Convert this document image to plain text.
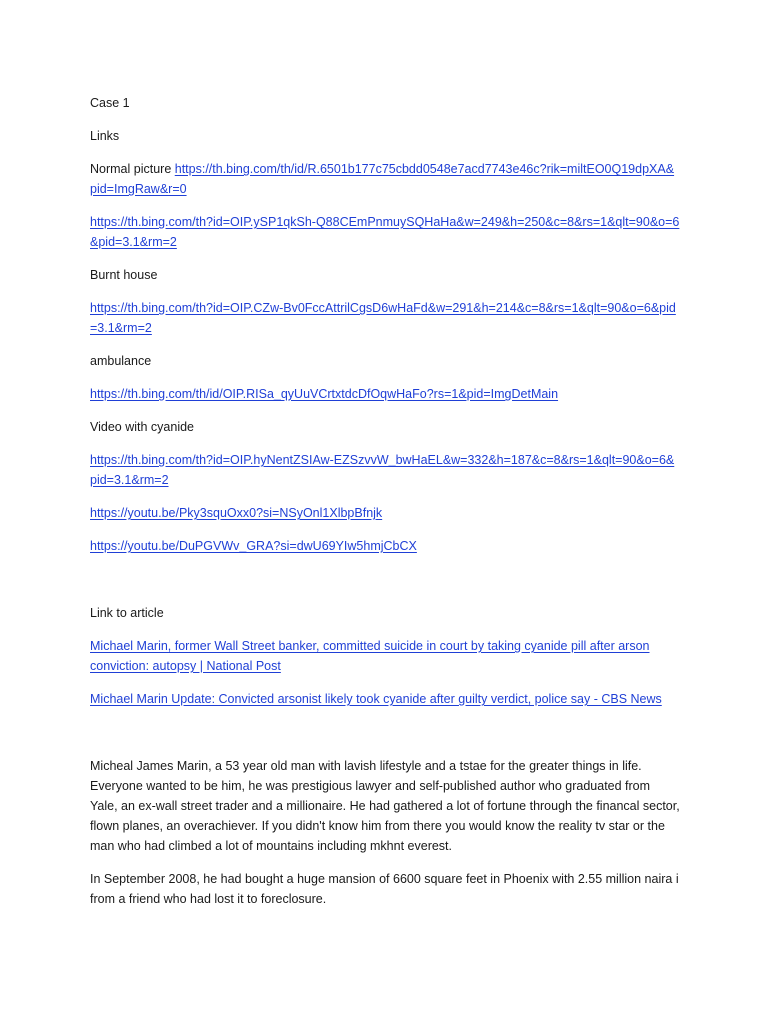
Case 1

Links

Normal picture https://th.bing.com/th/id/R.6501b177c75cbdd0548e7acd7743e46c?rik=miltEO0Q19dpXA&pid=ImgRaw&r=0

https://th.bing.com/th?id=OIP.ySP1qkSh-Q88CEmPnmuySQHaHa&w=249&h=250&c=8&rs=1&qlt=90&o=6&pid=3.1&rm=2

Burnt house

https://th.bing.com/th?id=OIP.CZw-Bv0FccAttrilCgsD6wHaFd&w=291&h=214&c=8&rs=1&qlt=90&o=6&pid=3.1&rm=2

ambulance

https://th.bing.com/th/id/OIP.RISa_qyUuVCrtxtdcDfOqwHaFo?rs=1&pid=ImgDetMain

Video with cyanide

https://th.bing.com/th?id=OIP.hyNentZSIAw-EZSzvvW_bwHaEL&w=332&h=187&c=8&rs=1&qlt=90&o=6&pid=3.1&rm=2

https://youtu.be/Pky3squOxx0?si=NSyOnl1XlbpBfnjk

https://youtu.be/DuPGVWv_GRA?si=dwU69YIw5hmjCbCX

Link to article

Michael Marin, former Wall Street banker, committed suicide in court by taking cyanide pill after arson conviction: autopsy | National Post

Michael Marin Update: Convicted arsonist likely took cyanide after guilty verdict, police say - CBS News

Micheal James Marin, a 53 year old man with lavish lifestyle and a tstae for the greater things in life. Everyone wanted to be him, he was prestigious lawyer and self-published author who graduated from Yale, an ex-wall street trader and a millionaire. He had gathered a lot of fortune through the financal sector, flown planes, an overachiever. If you didn't know him from there you would know the reality tv star or the man who had climbed a lot of mountains including mkhnt everest.

In September 2008, he had bought a huge mansion of 6600 square feet in Phoenix with 2.55 million naira i from a friend who had lost it to foreclosure.
